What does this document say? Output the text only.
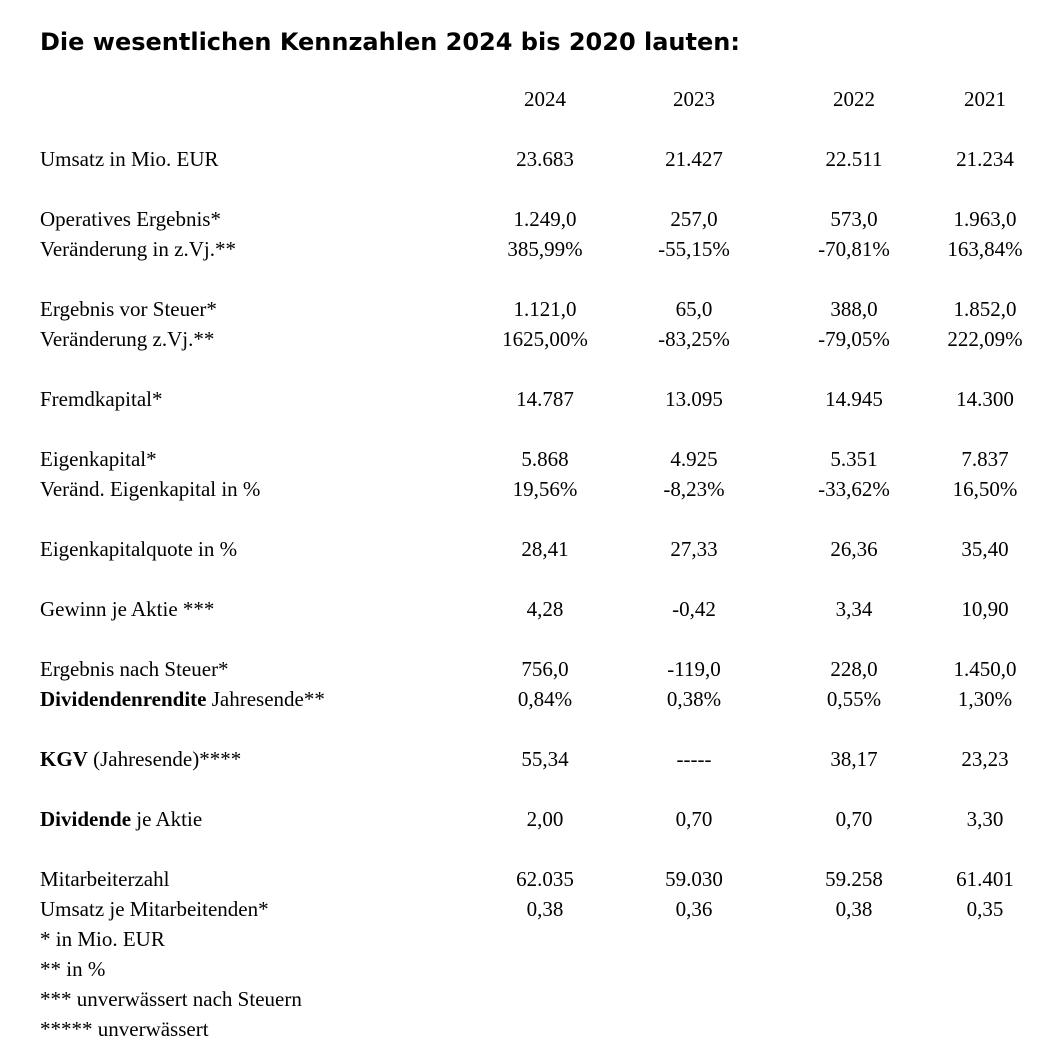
Die wesentlichen Kennzahlen 2024 bis 2020 lauten:
2024	2023	2022	2021
Umsatz in Mio. EUR	23.683	21.427	22.511	21.234
Operatives Ergebnis*	1.249,0	257,0	573,0	1.963,0
Veränderung in z.Vj.**	385,99%	-55,15%	-70,81%	163,84%
Ergebnis vor Steuer*	1.121,0	65,0	388,0	1.852,0
Veränderung z.Vj.**	1625,00%	-83,25%	-79,05%	222,09%
Fremdkapital*	14.787	13.095	14.945	14.300
Eigenkapital*	5.868	4.925	5.351	7.837
Veränd. Eigenkapital in %	19,56%	-8,23%	-33,62%	16,50%
Eigenkapitalquote in %	28,41	27,33	26,36	35,40
Gewinn je Aktie ***	4,28	-0,42	3,34	10,90
Ergebnis nach Steuer*	756,0	-119,0	228,0	1.450,0
Dividendenrendite Jahresende**	0,84%	0,38%	0,55%	1,30%
KGV (Jahresende)****	55,34	-----	38,17	23,23
Dividende je Aktie	2,00	0,70	0,70	3,30
Mitarbeiterzahl	62.035	59.030	59.258	61.401
Umsatz je Mitarbeitenden*	0,38	0,36	0,38	0,35
* in Mio. EUR
** in %
*** unverwässert nach Steuern
***** unverwässert
